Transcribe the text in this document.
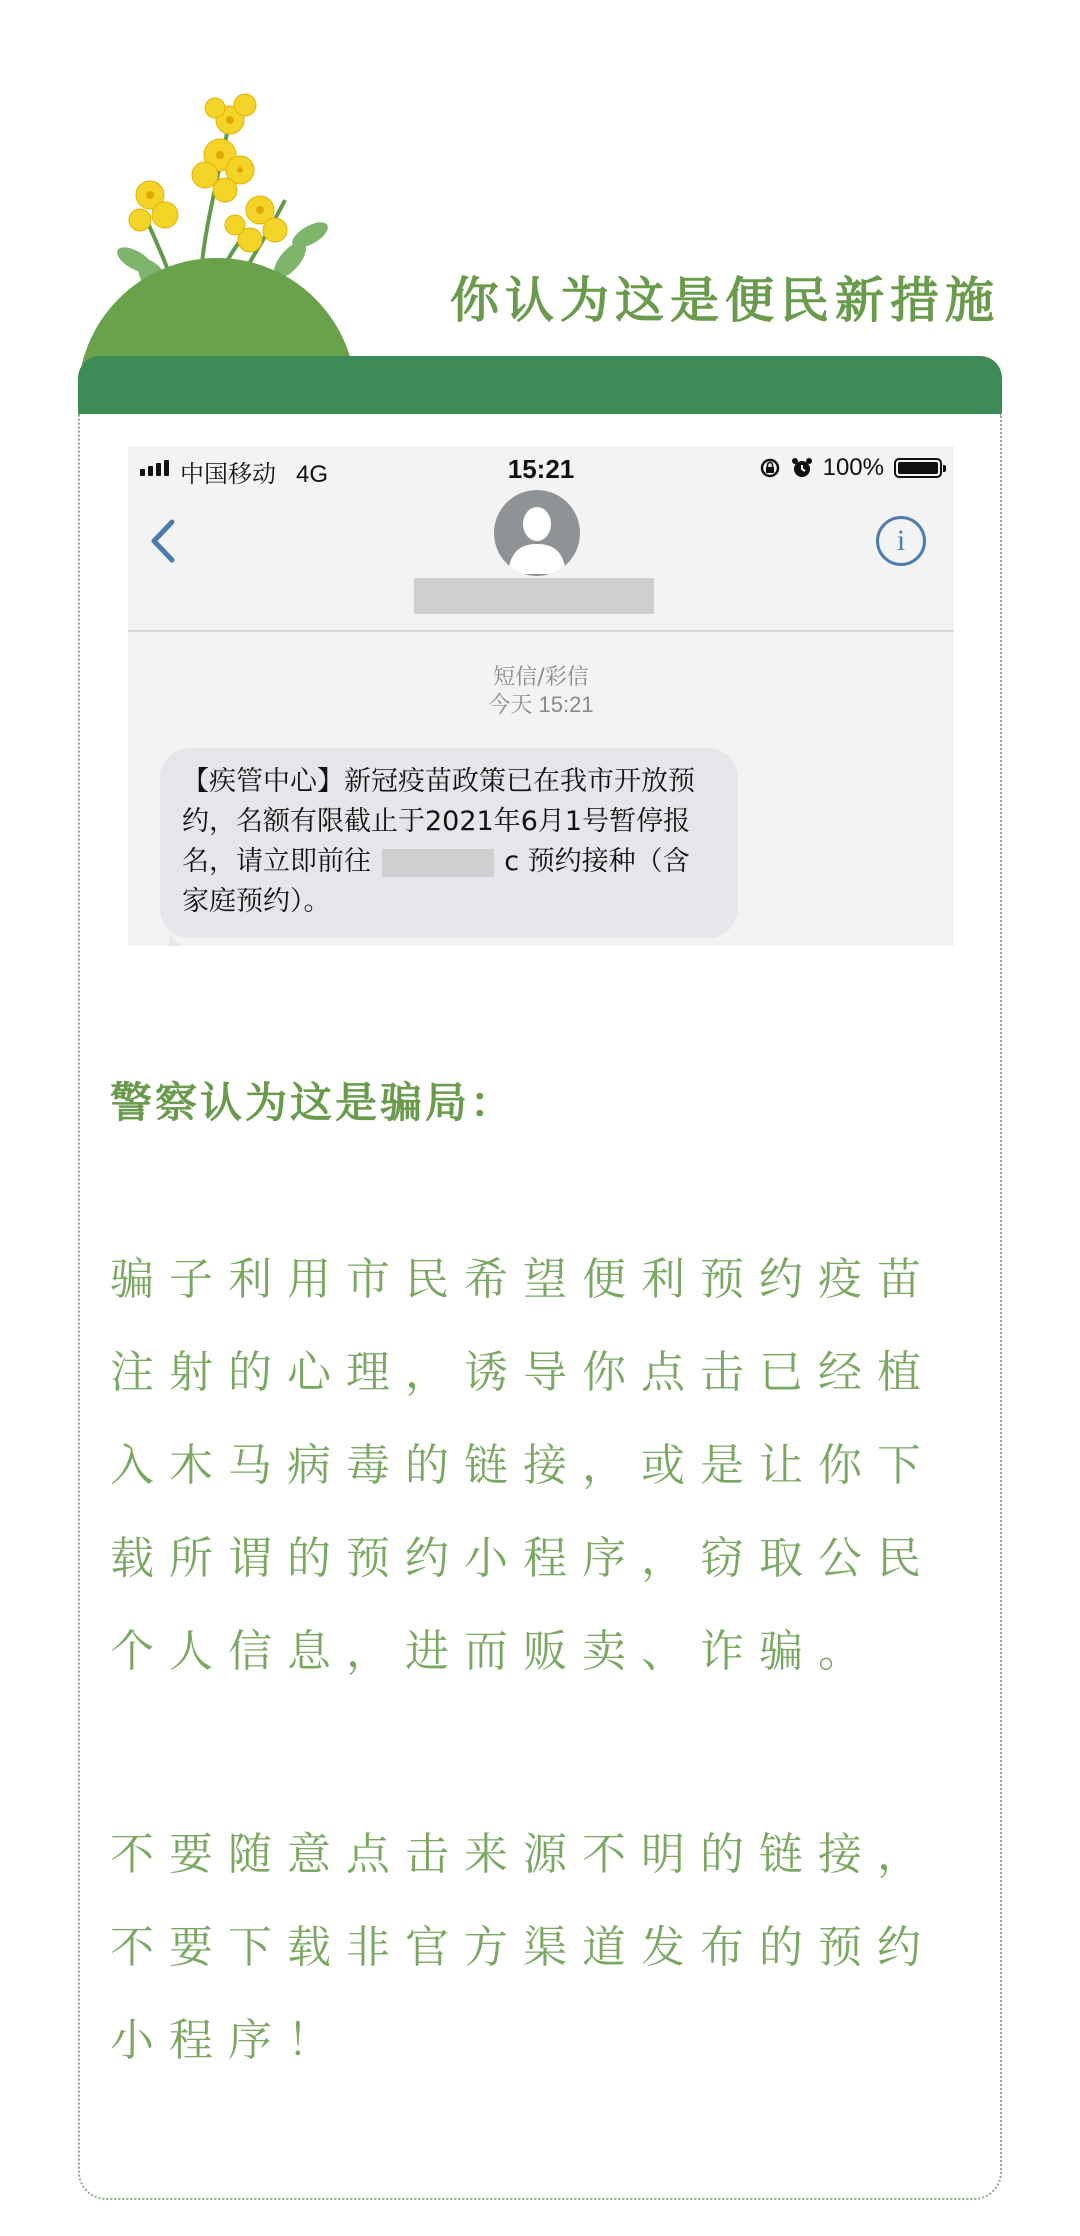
你认为这是便民新措施
中国移动 4G	15:21	100%
i
短信/彩信
今天 15:21
【疾管中心】新冠疫苗政策已在我市开放预约，名额有限截止于2021年6月1号暂停报名，请立即前往	c 预约接种（含家庭预约）。
警察认为这是骗局：
骗子利用市民希望便利预约疫苗注射的心理，诱导你点击已经植入木马病毒的链接，或是让你下载所谓的预约小程序，窃取公民个人信息，进而贩卖、诈骗。
不要随意点击来源不明的链接，不要下载非官方渠道发布的预约小程序！
